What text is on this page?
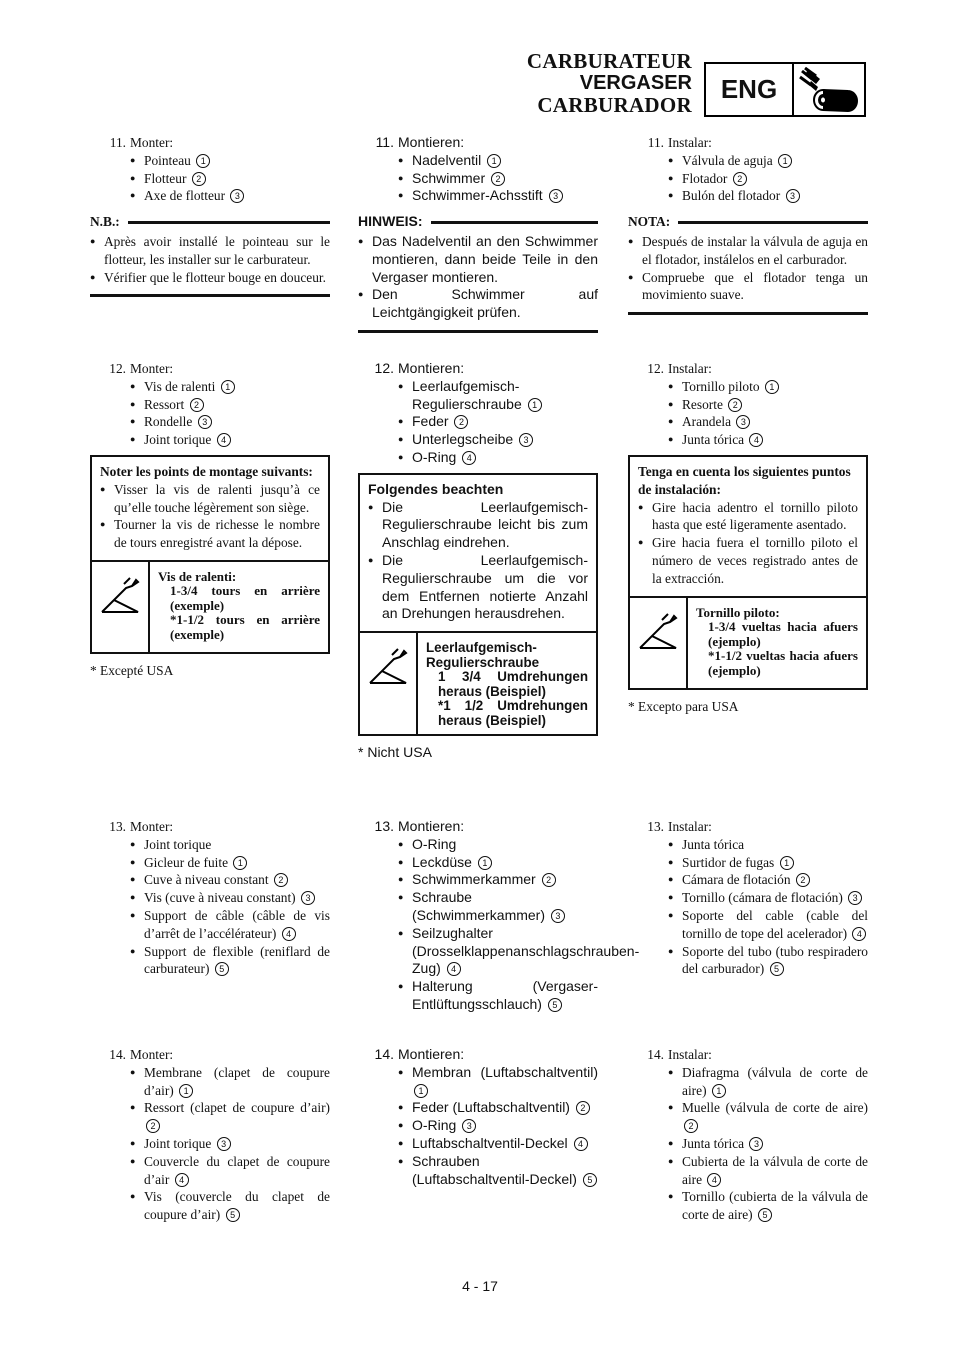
CARBURATEUR
VERGASER
CARBURADOR
ENG
11. Monter:
● Pointeau 1
● Flotteur 2
● Axe de flotteur 3
N.B.:
● Après avoir installé le pointeau sur le flotteur, les installer sur le carburateur.
● Vérifier que le flotteur bouge en douceur.
12. Monter:
● Vis de ralenti 1
● Ressort 2
● Rondelle 3
● Joint torique 4
Noter les points de montage suivants:
● Visser la vis de ralenti jusqu’à ce qu’elle touche légèrement son siège.
● Tourner la vis de richesse le nombre de tours enregistré avant la dépose.
Vis de ralenti:
1-3/4 tours en arrière (exemple)
*1-1/2 tours en arrière (exemple)
* Excepté USA
13. Monter:
● Joint torique
● Gicleur de fuite 1
● Cuve à niveau constant 2
● Vis (cuve à niveau constant) 3
● Support de câble (câble de vis d’arrêt de l’accélérateur) 4
● Support de flexible (reniflard de carburateur) 5
14. Monter:
● Membrane (clapet de coupure d’air) 1
● Ressort (clapet de coupure d’air) 2
● Joint torique 3
● Couvercle du clapet de coupure d’air 4
● Vis (couvercle du clapet de coupure d’air) 5
11. Montieren:
● Nadelventil 1
● Schwimmer 2
● Schwimmer-Achsstift 3
HINWEIS:
● Das Nadelventil an den Schwimmer montieren, dann beide Teile in den Vergaser montieren.
● Den Schwimmer auf Leichtgängigkeit prüfen.
12. Montieren:
● Leerlaufgemisch-Regulierschraube 1
● Feder 2
● Unterlegscheibe 3
● O-Ring 4
Folgendes beachten
● Die Leerlaufgemisch-Regulierschraube leicht bis zum Anschlag eindrehen.
● Die Leerlaufgemisch-Regulierschraube um die vor dem Entfernen notierte Anzahl an Drehungen herausdrehen.
Leerlaufgemisch-Regulierschraube
1 3/4 Umdrehungen heraus (Beispiel)
*1 1/2 Umdrehungen heraus (Beispiel)
* Nicht USA
13. Montieren:
● O-Ring
● Leckdüse 1
● Schwimmerkammer 2
● Schraube (Schwimmerkammer) 3
● Seilzughalter (Drosselklappenanschlagschrauben-Zug) 4
● Halterung (Vergaser-Entlüftungsschlauch) 5
14. Montieren:
● Membran (Luftabschaltventil) 1
● Feder (Luftabschaltventil) 2
● O-Ring 3
● Luftabschaltventil-Deckel 4
● Schrauben (Luftabschaltventil-Deckel) 5
11. Instalar:
● Válvula de aguja 1
● Flotador 2
● Bulón del flotador 3
NOTA:
● Después de instalar la válvula de aguja en el flotador, instálelos en el carburador.
● Compruebe que el flotador tenga un movimiento suave.
12. Instalar:
● Tornillo piloto 1
● Resorte 2
● Arandela 3
● Junta tórica 4
Tenga en cuenta los siguientes puntos de instalación:
● Gire hacia adentro el tornillo piloto hasta que esté ligeramente asentado.
● Gire hacia fuera el tornillo piloto el número de veces registrado antes de la extracción.
Tornillo piloto:
1-3/4 vueltas hacia afuers (ejemplo)
*1-1/2 vueltas hacia afuers (ejemplo)
* Excepto para USA
13. Instalar:
● Junta tórica
● Surtidor de fugas 1
● Cámara de flotación 2
● Tornillo (cámara de flotación) 3
● Soporte del cable (cable del tornillo de tope del acelerador) 4
● Soporte del tubo (tubo respiradero del carburador) 5
14. Instalar:
● Diafragma (válvula de corte de aire) 1
● Muelle (válvula de corte de aire) 2
● Junta tórica 3
● Cubierta de la válvula de corte de aire 4
● Tornillo (cubierta de la válvula de corte de aire) 5
4 - 17
